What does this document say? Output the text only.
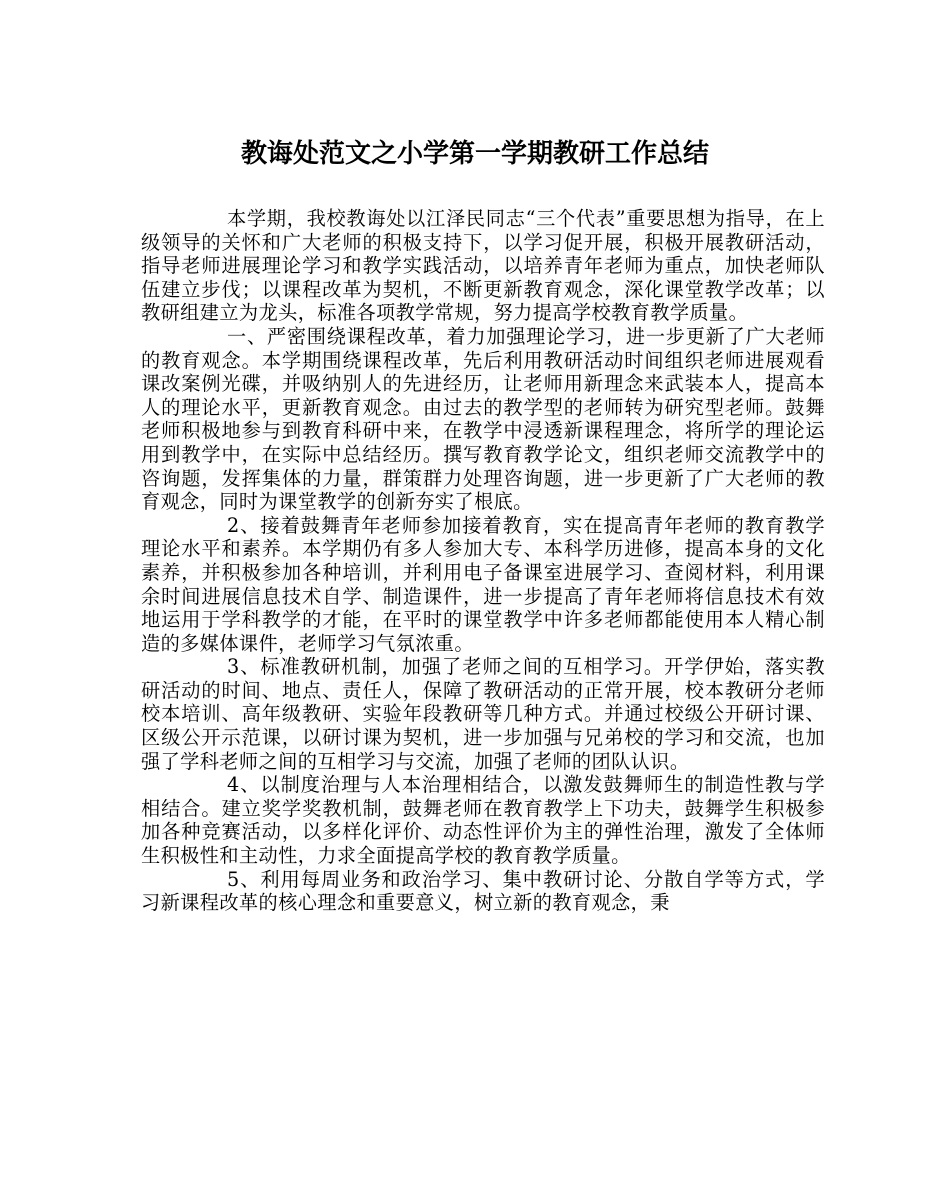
教诲处范文之小学第一学期教研工作总结

本学期，我校教诲处以江泽民同志“三个代表”重要思想为指导，在上级领导的关怀和广大老师的积极支持下，以学习促开展，积极开展教研活动，指导老师进展理论学习和教学实践活动，以培养青年老师为重点，加快老师队伍建立步伐；以课程改革为契机，不断更新教育观念，深化课堂教学改革；以教研组建立为龙头，标准各项教学常规，努力提高学校教育教学质量。

一、严密围绕课程改革，着力加强理论学习，进一步更新了广大老师的教育观念。本学期围绕课程改革，先后利用教研活动时间组织老师进展观看课改案例光碟，并吸纳别人的先进经历，让老师用新理念来武装本人，提高本人的理论水平，更新教育观念。由过去的教学型的老师转为研究型老师。鼓舞老师积极地参与到教育科研中来，在教学中浸透新课程理念，将所学的理论运用到教学中，在实际中总结经历。撰写教育教学论文，组织老师交流教学中的咨询题，发挥集体的力量，群策群力处理咨询题，进一步更新了广大老师的教育观念，同时为课堂教学的创新夯实了根底。

2、接着鼓舞青年老师参加接着教育，实在提高青年老师的教育教学理论水平和素养。本学期仍有多人参加大专、本科学历进修，提高本身的文化素养，并积极参加各种培训，并利用电子备课室进展学习、查阅材料，利用课余时间进展信息技术自学、制造课件，进一步提高了青年老师将信息技术有效地运用于学科教学的才能，在平时的课堂教学中许多老师都能使用本人精心制造的多媒体课件，老师学习气氛浓重。

3、标准教研机制，加强了老师之间的互相学习。开学伊始，落实教研活动的时间、地点、责任人，保障了教研活动的正常开展，校本教研分老师校本培训、高年级教研、实验年段教研等几种方式。并通过校级公开研讨课、区级公开示范课，以研讨课为契机，进一步加强与兄弟校的学习和交流，也加强了学科老师之间的互相学习与交流，加强了老师的团队认识。

4、以制度治理与人本治理相结合，以激发鼓舞师生的制造性教与学相结合。建立奖学奖教机制，鼓舞老师在教育教学上下功夫，鼓舞学生积极参加各种竞赛活动，以多样化评价、动态性评价为主的弹性治理，激发了全体师生积极性和主动性，力求全面提高学校的教育教学质量。

5、利用每周业务和政治学习、集中教研讨论、分散自学等方式，学习新课程改革的核心理念和重要意义，树立新的教育观念，秉
